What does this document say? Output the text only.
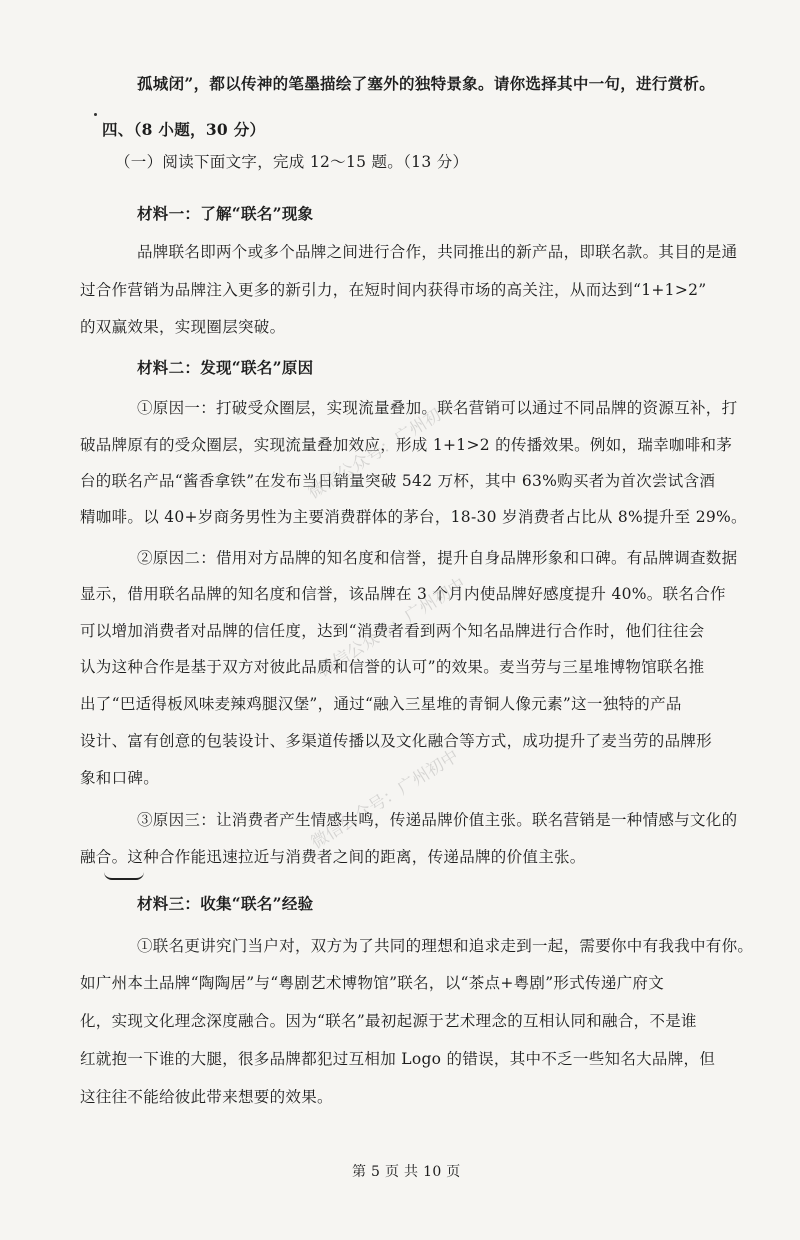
孤城闭”，都以传神的笔墨描绘了塞外的独特景象。请你选择其中一句，进行赏析。
四、（8 小题，30 分）
（一）阅读下面文字，完成 12～15 题。（13 分）
材料一：了解“联名”现象
品牌联名即两个或多个品牌之间进行合作，共同推出的新产品，即联名款。其目的是通
过合作营销为品牌注入更多的新引力，在短时间内获得市场的高关注，从而达到“1+1>2”
的双赢效果，实现圈层突破。
材料二：发现“联名”原因
①原因一：打破受众圈层，实现流量叠加。联名营销可以通过不同品牌的资源互补，打
破品牌原有的受众圈层，实现流量叠加效应，形成 1+1>2 的传播效果。例如，瑞幸咖啡和茅
台的联名产品“酱香拿铁”在发布当日销量突破 542 万杯，其中 63%购买者为首次尝试含酒
精咖啡。以 40+岁商务男性为主要消费群体的茅台，18-30 岁消费者占比从 8%提升至 29%。
②原因二：借用对方品牌的知名度和信誉，提升自身品牌形象和口碑。有品牌调查数据
显示，借用联名品牌的知名度和信誉，该品牌在 3 个月内使品牌好感度提升 40%。联名合作
可以增加消费者对品牌的信任度，达到“消费者看到两个知名品牌进行合作时，他们往往会
认为这种合作是基于双方对彼此品质和信誉的认可”的效果。麦当劳与三星堆博物馆联名推
出了“巴适得板风味麦辣鸡腿汉堡”，通过“融入三星堆的青铜人像元素”这一独特的产品
设计、富有创意的包装设计、多渠道传播以及文化融合等方式，成功提升了麦当劳的品牌形
象和口碑。
③原因三：让消费者产生情感共鸣，传递品牌价值主张。联名营销是一种情感与文化的
融合。这种合作能迅速拉近与消费者之间的距离，传递品牌的价值主张。
材料三：收集“联名”经验
①联名更讲究门当户对，双方为了共同的理想和追求走到一起，需要你中有我我中有你。
如广州本土品牌“陶陶居”与“粤剧艺术博物馆”联名，以“茶点+粤剧”形式传递广府文
化，实现文化理念深度融合。因为“联名”最初起源于艺术理念的互相认同和融合，不是谁
红就抱一下谁的大腿，很多品牌都犯过互相加 Logo 的错误，其中不乏一些知名大品牌，但
这往往不能给彼此带来想要的效果。
第 5 页 共 10 页
微信公众号：广州初中
微信公众号：广州初中
微信公众号：广州初中
